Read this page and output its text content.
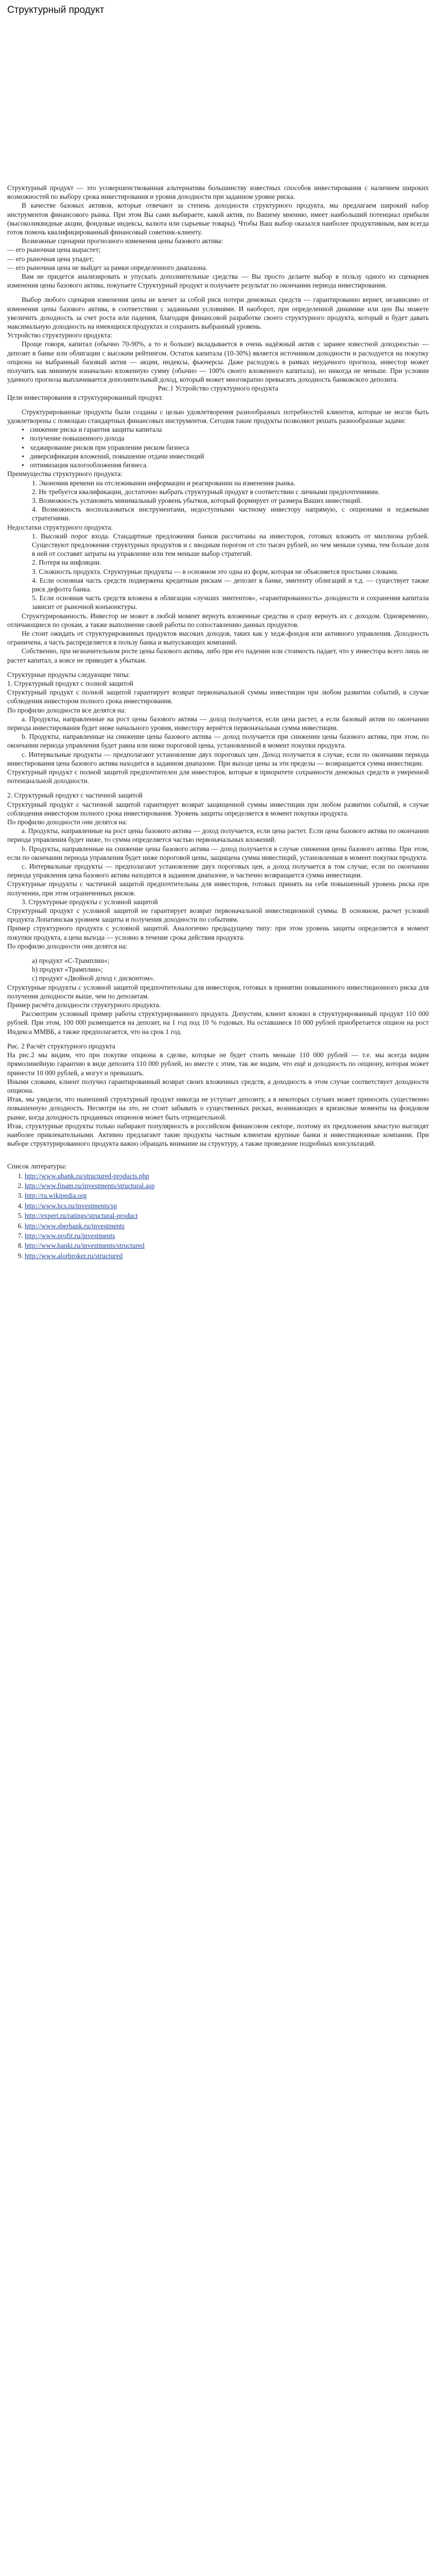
Структурный продукт

Структурный продукт — это усовершенствованная альтернатива большинству известных способов инвестирования с наличием широких возможностей по выбору срока инвестирования и уровня доходности при заданном уровне риска.

В качестве базовых активов, которые отвечают за степень доходности структурного продукта, мы предлагаем широкий набор инструментов финансового рынка. При этом Вы сами выбираете, какой актив, по Вашему мнению, имеет наибольший потенциал прибыли (высоколиквидные акции, фондовые индексы, валюта или сырьевые товары). Чтобы Ваш выбор оказался наиболее продуктивным, вам всегда готов помочь квалифицированный финансовый советник-клиенту.

Возможные сценарии прогнозного изменения цены базового актива:

— его рыночная цена вырастет;
— его рыночная цена упадет;
— его рыночная цена не выйдет за рамки определенного диапазона.

Вам не придется анализировать и упускать дополнительные средства — Вы просто делаете выбор в пользу одного из сценариев изменения цены базового актива, покупаете Структурный продукт и получаете результат по окончании периода инвестирования.

Выбор любого сценария изменения цены не влечет за собой риск потери денежных средств — гарантированно вернет, независимо от изменения цены базового актива, в соответствии с заданными условиями. И наоборот, при определенной динамике или цен Вы можете увеличить доходность за счет роста или падения, благодаря финансовой разработке своего структурного продукта, который и будет давать максимальную доходность на имеющихся продуктах и сохранить выбранный уровень.

Устройство структурного продукта:

Проще говоря, капитал (обычно 70-90%, а то и больше) вкладывается в очень надёжный актив с заранее известной доходностью — депозит в банке или облигации с высоким рейтингом. Остаток капитала (10-30%) является источником доходности и расходуется на покупку опциона на выбранный базовый актив — акции, индексы, фьючерсы. Даже расходуясь в рамках неудачного прогноза, инвестор может получить как минимум изначально вложенную сумму (обычно — 100% своего вложенного капитала), но никогда не меньше. При условии удачного прогноза выплачивается дополнительный доход, который может многократно превысить доходность банковского депозита.

Рис.1 Устройство структурного продукта

Цели инвестирования в структурированный продукт.

Структурированные продукты были созданы с целью удовлетворения разнообразных потребностей клиентов, которые не могли быть удовлетворены с помощью стандартных финансовых инструментов. Сегодня такие продукты позволяют решать разнообразные задачи:

● снижение риска и гарантия защиты капитала
● получение повышенного дохода
● хеджирование рисков при управлении риском бизнеса
● диверсификация вложений, повышение отдачи инвестиций
● оптимизация налогообложения бизнеса.

Преимущества структурного продукта:

1. Экономия времени на отслеживании информации и реагировании на изменения рынка.
2. Не требуется квалификации, достаточно выбрать структурный продукт в соответствии с личными предпочтениями.
3. Возможность установить минимальный уровень убытков, который формирует от размера Ваших инвестиций.
4. Возможность воспользоваться инструментами, недоступными частному инвестору напрямую, с опционами и хеджевыми стратегиями.

Недостатки структурного продукта:

1. Высокий порог входа. Стандартные предложения банков рассчитаны на инвесторов, готовых вложить от миллиона рублей. Существуют предложения структурных продуктов и с вводным порогом от сто тысяч рублей, но чем меньше сумма, тем больше доля в ней от составят затраты на управление или тем меньше выбор стратегий.
2. Потеря на инфляции.
3. Сложность продукта. Структурные продукты — в основном это одна из форм, которая не объясняется простыми словами.
4. Если основная часть средств подвержена кредитным рискам — депозит в банке, эмитенту облигаций и т.д. — существует также риск дефолта банка.
5. Если основная часть средств вложена в облигации «лучших эмитентов», «гарантированность» доходности и сохранения капитала зависит от рыночной конъюнктуры.

Структурированность. Инвестор не может в любой момент вернуть вложенные средства и сразу вернуть их с доходом. Одновременно, отличающиеся по срокам, а также выполнение своей работы по сопоставлению данных продуктов.

Не стоит ожидать от структурированных продуктов высоких доходов, таких как у хедж-фондов или активного управления. Доходность ограничена, а часть распределяется в пользу банка и выпускающих компаний.

Собственно, при незначительном росте цены базового актива, либо при его падении или стоимость падает, что у инвестора всего лишь не растет капитал, а вовсе не приводит к убыткам.

Структурные продукты следующие типы:

1. Структурный продукт с полной защитой

Структурный продукт с полной защитой гарантирует возврат первоначальной суммы инвестиции при любом развитии событий, в случае соблюдения инвестором полного срока инвестирования.

По профилю доходности все делятся на:

a. Продукты, направленные на рост цены базового актива — доход получается, если цена растет, а если базовый актив по окончании периода инвестирования будет ниже начального уровня, инвестору вернётся первоначальная сумма инвестиции.

b. Продукты, направленные на снижение цены базового актива — доход получается при снижении цены базового актива, при этом, по окончании периода управления будет равна или ниже пороговой цены, установленной в момент покупки продукта.

c. Интервальные продукты — предполагают установление двух пороговых цен. Доход получается в случае, если по окончании периода инвестирования цена базового актива находится в заданном диапазоне. При выходе цены за эти пределы — возвращается сумма инвестиции.

Структурный продукт с полной защитой предпочтителен для инвесторов, которые в приоритете сохранности денежных средств и умеренной потенциальной доходности.

2. Структурный продукт с частичной защитой

Структурный продукт с частичной защитой гарантирует возврат защищенной суммы инвестиции при любом развитии событий, в случае соблюдения инвестором полного срока инвестирования. Уровень защиты определяется в момент покупки продукта.

По профилю доходности они делятся на:

a. Продукты, направленные на рост цены базового актива — доход получается, если цена растет. Если цена базового актива по окончании периода управления будет ниже, то сумма определяется частью первоначальных вложений.

b. Продукты, направленные на снижение цены базового актива — доход получается в случае снижения цены базового актива. При этом, если по окончании периода управления будет ниже пороговой цены, защищена сумма инвестиций, установленная в момент покупки продукта.

c. Интервальные продукты — предполагают установление двух пороговых цен, а доход получается в том случае, если по окончании периода управления цена базового актива находится в заданном диапазоне, и частично возвращается сумма инвестиции.

Структурные продукты с частичной защитой предпочтительны для инвесторов, готовых принять на себя повышенный уровень риска при получении, при этом ограниченных рисков.

3. Структурные продукты с условной защитой

Структурный продукт с условной защитой не гарантирует возврат первоначальной инвестиционной суммы. В основном, расчет условий продукта Лопатинская уровнем защиты и получения доходности по событиям.

Пример структурного продукта с условной защитой. Аналогично предыдущему типу: при этом уровень защиты определяется в момент покупки продукта, а цена выхода — условно в течение срока действия продукта.

По профилю доходности они делятся на:

a) продукт «С-Трамплин»;
b) продукт «Трамплин»;
c) продукт «Двойной доход с дисконтом».

Структурные продукты с условной защитой предпочтительны для инвесторов, готовых в принятии повышенного инвестиционного риска для получения доходности выше, чем по депозитам.

Пример расчёта доходности структурного продукта.

Рассмотрим условный пример работы структурированного продукта. Допустим, клиент вложил в структурированный продукт 110 000 рублей. При этом, 100 000 размещается на депозит, на 1 год под 10 % годовых. На оставшиеся 10 000 рублей приобретается опцион на рост Индекса ММВБ, а также предполагается, что на срок 1 год.

Рис. 2 Расчёт структурного продукта

На рис.2 мы видим, что при покупке опциона в сделке, которые не будет стоить меньше 110 000 рублей — т.е. мы всегда видим прямолинейную гарантию в виде депозита 110 000 рублей, но вместе с этим, так же видим, что ещё и доходность по опциону, которая может принести 10 000 рублей, а могут и превышать.

Иными словами, клиент получил гарантированный возврат своих вложенных средств, а доходность в этом случае соответствует доходности опциона.

Итак, мы увидели, что нынешний структурный продукт никогда не уступает депозиту, а в некоторых случаях может приносить существенно повышенную доходность. Несмотря на это, не стоит забывать о существенных рисках, возникающих в кризисные моменты на фондовом рынке, когда доходность проданных опционов может быть отрицательной.

Итак, структурные продукты только набирают популярность в российском финансовом секторе, поэтому их предложения зачастую выглядят наиболее привлекательными. Активно предлагают такие продукты частным клиентам крупные банки и инвестиционные компании. При выборе структурированного продукта важно обращать внимание на структуру, а также проведение подробных консультаций.

Список литературы:

1. http://www.ubank.ru/structured-products.php
2. http://www.finam.ru/investments/structural.asp
3. http://ru.wikipedia.org
4. http://www.bcs.ru/investments/sp
5. http://expert.ru/ratings/structural-product
6. http://www.sberbank.ru/investments
7. http://www.profit.ru/investments
8. http://www.banki.ru/investments/structured
9. http://www.alorbroker.ru/structured
